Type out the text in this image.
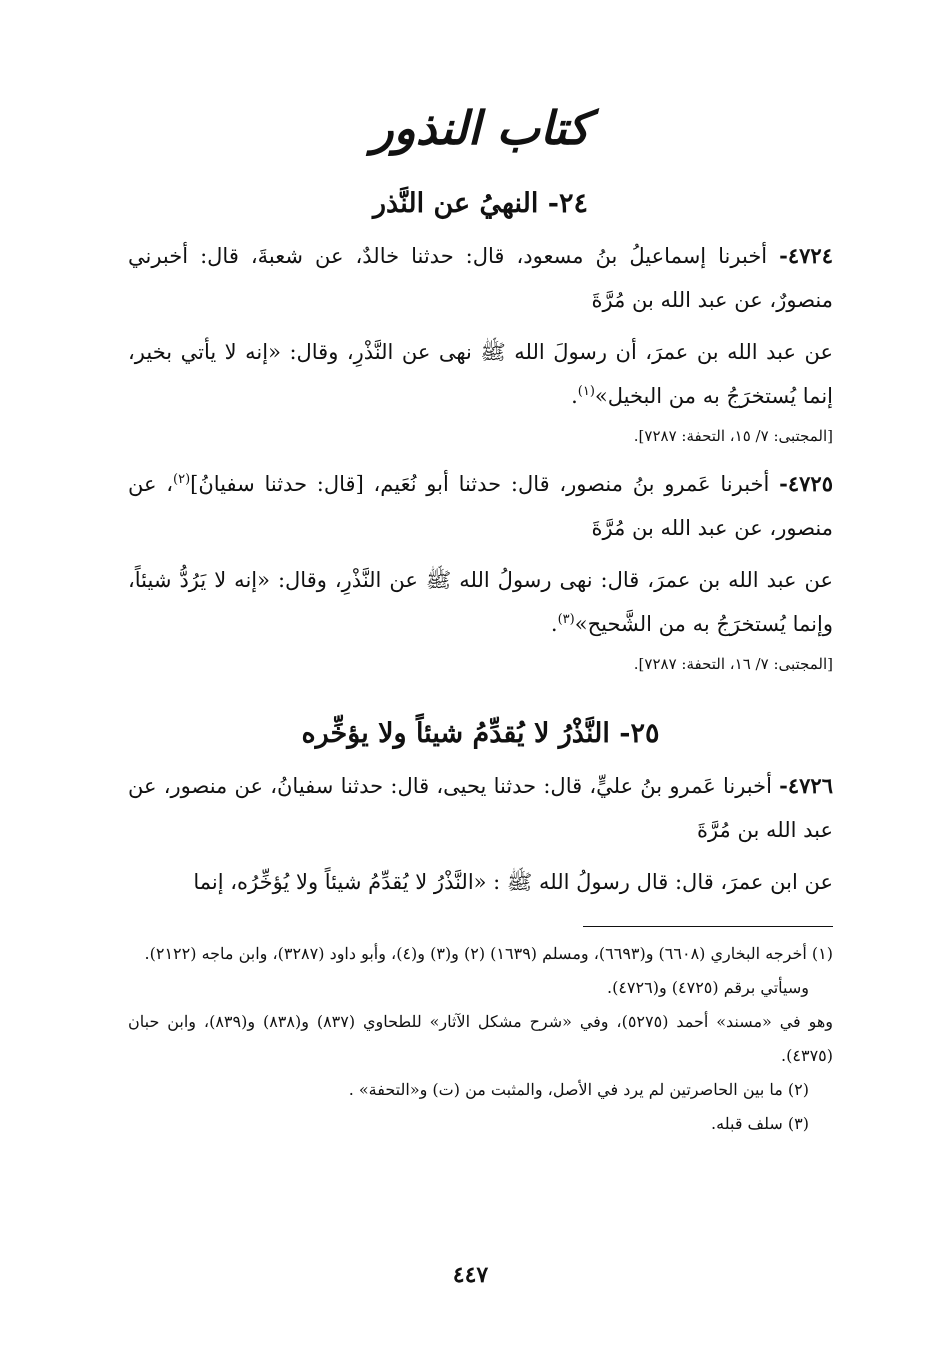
كتاب النذور
٢٤- النهيُ عن النَّذر

٤٧٢٤- أخبرنا إسماعيلُ بنُ مسعود، قال: حدثنا خالدٌ، عن شعبةَ، قال: أخبرني منصورٌ، عن عبد الله بن مُرَّةَ

عن عبد الله بن عمرَ، أن رسولَ الله ﷺ نهى عن النَّذْرِ، وقال: «إنه لا يأتي بخير، إنما يُستخرَجُ به من البخيل»$^{(١)}$.

[المجتبى: ٧/ ١٥، التحفة: ٧٢٨٧].

٤٧٢٥- أخبرنا عَمرو بنُ منصور، قال: حدثنا أبو نُعَيم، [قال: حدثنا سفيانُ]$^{(٢)}$، عن منصور، عن عبد الله بن مُرَّةَ

عن عبد الله بن عمرَ، قال: نهى رسولُ الله ﷺ عن النَّذْرِ، وقال: «إنه لا يَرُدُّ شيئاً، وإنما يُستخرَجُ به من الشَّحيح»$^{(٣)}$.

[المجتبى: ٧/ ١٦، التحفة: ٧٢٨٧].

٢٥- النَّذْرُ لا يُقدِّمُ شيئاً ولا يؤخِّره

٤٧٢٦- أخبرنا عَمرو بنُ عليٍّ، قال: حدثنا يحيى، قال: حدثنا سفيانُ، عن منصور، عن عبد الله بن مُرَّةَ

عن ابن عمرَ، قال: قال رسولُ الله ﷺ : «النَّذْرُ لا يُقدِّمُ شيئاً ولا يُؤخِّرُه، إنما

(١) أخرجه البخاري (٦٦٠٨) و(٦٦٩٣)، ومسلم (١٦٣٩) (٢) و(٣) و(٤)، وأبو داود (٣٢٨٧)، وابن ماجه (٢١٢٢).

وسيأتي برقم (٤٧٢٥) و(٤٧٢٦).

وهو في «مسند» أحمد (٥٢٧٥)، وفي «شرح مشكل الآثار» للطحاوي (٨٣٧) و(٨٣٨) و(٨٣٩)، وابن حبان (٤٣٧٥).

(٢) ما بين الحاصرتين لم يرد في الأصل، والمثبت من (ت) و«التحفة» .

(٣) سلف قبله.

٤٤٧
